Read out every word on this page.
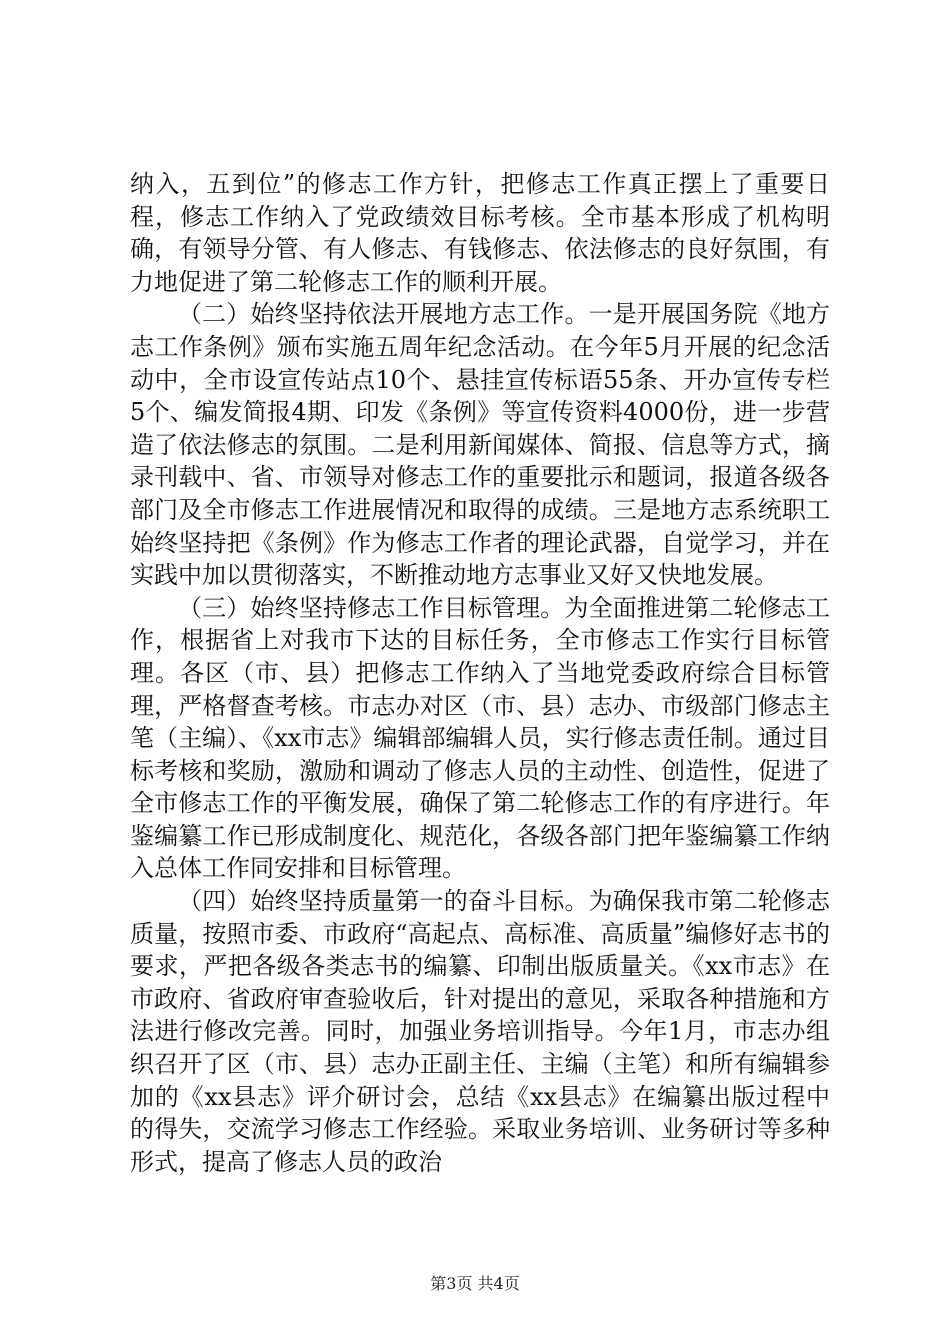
纳入，五到位”的修志工作方针，把修志工作真正摆上了重要日程，修志工作纳入了党政绩效目标考核。全市基本形成了机构明确，有领导分管、有人修志、有钱修志、依法修志的良好氛围，有力地促进了第二轮修志工作的顺利开展。

（二）始终坚持依法开展地方志工作。一是开展国务院《地方志工作条例》颁布实施五周年纪念活动。在今年5月开展的纪念活动中，全市设宣传站点10个、悬挂宣传标语55条、开办宣传专栏5个、编发简报4期、印发《条例》等宣传资料4000份，进一步营造了依法修志的氛围。二是利用新闻媒体、简报、信息等方式，摘录刊载中、省、市领导对修志工作的重要批示和题词，报道各级各部门及全市修志工作进展情况和取得的成绩。三是地方志系统职工始终坚持把《条例》作为修志工作者的理论武器，自觉学习，并在实践中加以贯彻落实，不断推动地方志事业又好又快地发展。

（三）始终坚持修志工作目标管理。为全面推进第二轮修志工作，根据省上对我市下达的目标任务，全市修志工作实行目标管理。各区（市、县）把修志工作纳入了当地党委政府综合目标管理，严格督查考核。市志办对区（市、县）志办、市级部门修志主笔（主编）、《xx市志》编辑部编辑人员，实行修志责任制。通过目标考核和奖励，激励和调动了修志人员的主动性、创造性，促进了全市修志工作的平衡发展，确保了第二轮修志工作的有序进行。年鉴编纂工作已形成制度化、规范化，各级各部门把年鉴编纂工作纳入总体工作同安排和目标管理。

（四）始终坚持质量第一的奋斗目标。为确保我市第二轮修志质量，按照市委、市政府“高起点、高标准、高质量”编修好志书的要求，严把各级各类志书的编纂、印制出版质量关。《xx市志》在市政府、省政府审查验收后，针对提出的意见，采取各种措施和方法进行修改完善。同时，加强业务培训指导。今年1月，市志办组织召开了区（市、县）志办正副主任、主编（主笔）和所有编辑参加的《xx县志》评介研讨会，总结《xx县志》在编纂出版过程中的得失，交流学习修志工作经验。采取业务培训、业务研讨等多种形式，提高了修志人员的政治

第3页 共4页
